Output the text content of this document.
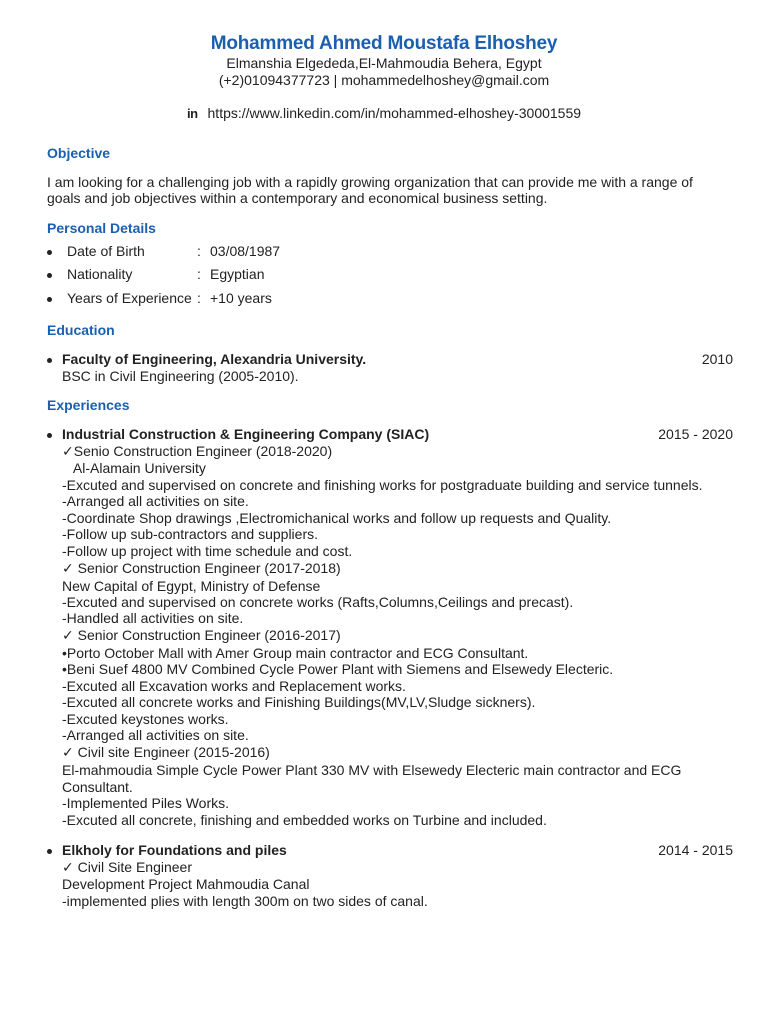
Mohammed Ahmed Moustafa Elhoshey
Elmanshia Elgededa,El-Mahmoudia Behera, Egypt
(+2)01094377723 | mohammedelhoshey@gmail.com
in https://www.linkedin.com/in/mohammed-elhoshey-30001559
Objective
I am looking for a challenging job with a rapidly growing organization that can provide me with a range of
goals and job objectives within a contemporary and economical business setting.
Personal Details
Date of Birth	: 03/08/1987
Nationality	: Egyptian
Years of Experience : +10 years
Education
Faculty of Engineering, Alexandria University.	2010
BSC in Civil Engineering (2005-2010).
Experiences
Industrial Construction & Engineering Company (SIAC)	2015 - 2020
✓Senio Construction Engineer (2018-2020)
Al-Alamain University
-Excuted and supervised on concrete and finishing works for postgraduate building and service tunnels.
-Arranged all activities on site.
-Coordinate Shop drawings ,Electromichanical works and follow up requests and Quality.
-Follow up sub-contractors and suppliers.
-Follow up project with time schedule and cost.
✓ Senior Construction Engineer (2017-2018)
New Capital of Egypt, Ministry of Defense
-Excuted and supervised on concrete works (Rafts,Columns,Ceilings and precast).
-Handled all activities on site.
✓ Senior Construction Engineer (2016-2017)
•Porto October Mall with Amer Group main contractor and ECG Consultant.
•Beni Suef 4800 MV Combined Cycle Power Plant with Siemens and Elsewedy Electeric.
-Excuted all Excavation works and Replacement works.
-Excuted all concrete works and Finishing Buildings(MV,LV,Sludge sickners).
-Excuted keystones works.
-Arranged all activities on site.
✓ Civil site Engineer (2015-2016)
El-mahmoudia Simple Cycle Power Plant 330 MV with Elsewedy Electeric main contractor and ECG
Consultant.
-Implemented Piles Works.
-Excuted all concrete, finishing and embedded works on Turbine and included.
Elkholy for Foundations and piles	2014 - 2015
✓ Civil Site Engineer
Development Project Mahmoudia Canal
-implemented plies with length 300m on two sides of canal.
